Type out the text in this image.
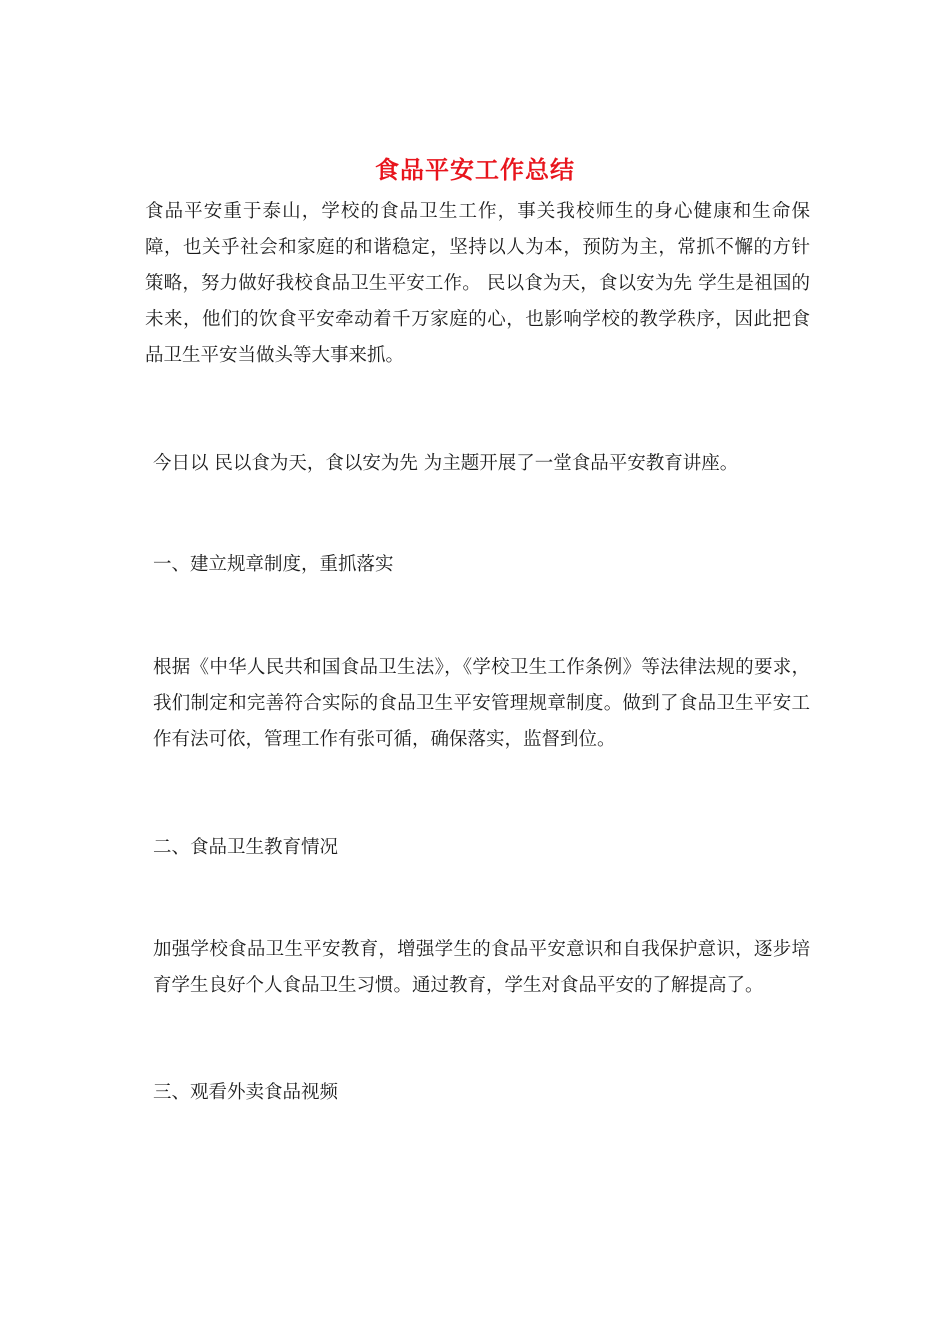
食品平安工作总结

食品平安重于泰山，学校的食品卫生工作，事关我校师生的身心健康和生命保障，也关乎社会和家庭的和谐稳定，坚持以人为本，预防为主，常抓不懈的方针策略，努力做好我校食品卫生平安工作。 民以食为天，食以安为先 学生是祖国的未来，他们的饮食平安牵动着千万家庭的心，也影响学校的教学秩序，因此把食品卫生平安当做头等大事来抓。

今日以 民以食为天，食以安为先 为主题开展了一堂食品平安教育讲座。

一、建立规章制度，重抓落实

根据《中华人民共和国食品卫生法》，《学校卫生工作条例》等法律法规的要求，我们制定和完善符合实际的食品卫生平安管理规章制度。做到了食品卫生平安工作有法可依，管理工作有张可循，确保落实，监督到位。

二、食品卫生教育情况

加强学校食品卫生平安教育，增强学生的食品平安意识和自我保护意识，逐步培育学生良好个人食品卫生习惯。通过教育，学生对食品平安的了解提高了。

三、观看外卖食品视频
